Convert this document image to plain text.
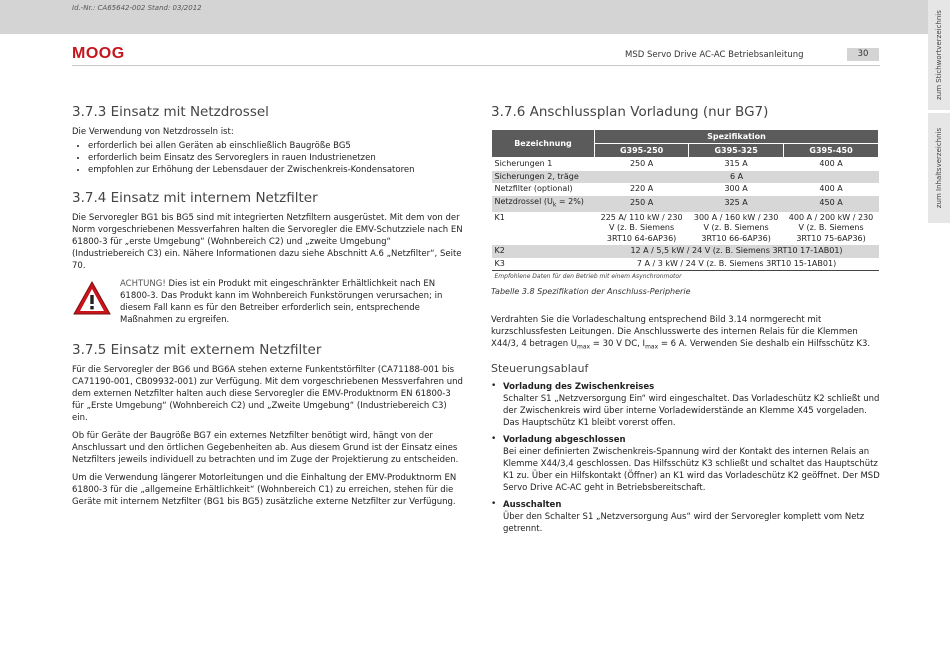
Id.-Nr.: CA65642-002 Stand: 03/2012
MOOG	MSD Servo Drive AC-AC Betriebsanleitung	30	zum Stichwortverzeichnis
zum Inhaltsverzeichnis
3.7.3 Einsatz mit Netzdrossel

Die Verwendung von Netzdrosseln ist:

• erforderlich bei allen Geräten ab einschließlich Baugröße BG5
• erforderlich beim Einsatz des Servoreglers in rauen Industrienetzen
• empfohlen zur Erhöhung der Lebensdauer der Zwischenkreis-Kondensatoren
3.7.4 Einsatz mit internem Netzfilter

Die Servoregler BG1 bis BG5 sind mit integrierten Netzfiltern ausgerüstet. Mit dem von der Norm vorgeschriebenen Messverfahren halten die Servoregler die EMV-Schutzziele nach EN 61800-3 für „erste Umgebung“ (Wohnbereich C2) und „zweite Umgebung“ (Industriebereich C3) ein. Nähere Informationen dazu siehe Abschnitt A.6 „Netzfilter“, Seite 70.

ACHTUNG! Dies ist ein Produkt mit eingeschränkter Erhältlichkeit nach EN 61800-3. Das Produkt kann im Wohnbereich Funkstörungen verursachen; in diesem Fall kann es für den Betreiber erforderlich sein, entsprechende Maßnahmen zu ergreifen.

3.7.5 Einsatz mit externem Netzfilter

Für die Servoregler der BG6 und BG6A stehen externe Funkentstörfilter (CA71188-001 bis CA71190-001, CB09932-001) zur Verfügung. Mit dem vorgeschriebenen Messverfahren und dem externen Netzfilter halten auch diese Servoregler die EMV-Produktnorm EN 61800-3 für „Erste Umgebung“ (Wohnbereich C2) und „Zweite Umgebung“ (Industriebereich C3) ein.

Ob für Geräte der Baugröße BG7 ein externes Netzfilter benötigt wird, hängt von der Anschlussart und den örtlichen Gegebenheiten ab. Aus diesem Grund ist der Einsatz eines Netzfilters jeweils individuell zu betrachten und im Zuge der Projektierung zu entscheiden.

Um die Verwendung längerer Motorleitungen und die Einhaltung der EMV-Produktnorm EN 61800-3 für die „allgemeine Erhältlichkeit“ (Wohnbereich C1) zu erreichen, stehen für die Geräte mit internem Netzfilter (BG1 bis BG5) zusätzliche externe Netzfilter zur Verfügung.

3.7.6 Anschlussplan Vorladung (nur BG7)
Bezeichnung	Spezifikation		
	G395-250	G395-325	G395-450
Sicherungen 1	250 A	315 A	400 A
Sicherungen 2, träge	6 A		
Netzfilter (optional)	220 A	300 A	400 A
Netzdrossel $(U_k = 2\%)$	250 A	325 A	450 A
K1	225 A/ 110 kW / 230 V (z. B. Siemens 3RT10 64-6AP36)	300 A / 160 kW / 230 V (z. B. Siemens 3RT10 66-6AP36)	400 A / 200 kW / 230 V (z. B. Siemens 3RT10 75-6AP36)
K2	12 A / 5,5 kW / 24 V (z. B. Siemens 3RT10 17-1AB01)		
K3	7 A / 3 kW / 24 V (z. B. Siemens 3RT10 15-1AB01)		
Empfohlene Daten für den Betrieb mit einem Asynchronmotor			
Tabelle 3.8 Spezifikation der Anschluss-Peripherie

Verdrahten Sie die Vorladeschaltung entsprechend Bild 3.14 normgerecht mit kurzschlussfesten Leitungen. Die Anschlusswerte des internen Relais für die Klemmen X44/3, 4 betragen $U_{max} = 30$ V DC, $I_{max} = 6$ A. Verwenden Sie deshalb ein Hilfsschütz K3.

Steuerungsablauf
• Vorladung des Zwischenkreises

Schalter S1 „Netzversorgung Ein“ wird eingeschaltet. Das Vorladeschütz K2 schließt und der Zwischenkreis wird über interne Vorladewiderstände an Klemme X45 vorgeladen. Das Hauptschütz K1 bleibt vorerst offen.

• Vorladung abgeschlossen

Bei einer definierten Zwischenkreis-Spannung wird der Kontakt des internen Relais an Klemme X44/3,4 geschlossen. Das Hilfsschütz K3 schließt und schaltet das Hauptschütz K1 zu. Über ein Hilfskontakt (Öffner) an K1 wird das Vorladeschütz K2 geöffnet. Der MSD Servo Drive AC-AC geht in Betriebsbereitschaft.

• Ausschalten

Über den Schalter S1 „Netzversorgung Aus“ wird der Servoregler komplett vom Netz getrennt.
